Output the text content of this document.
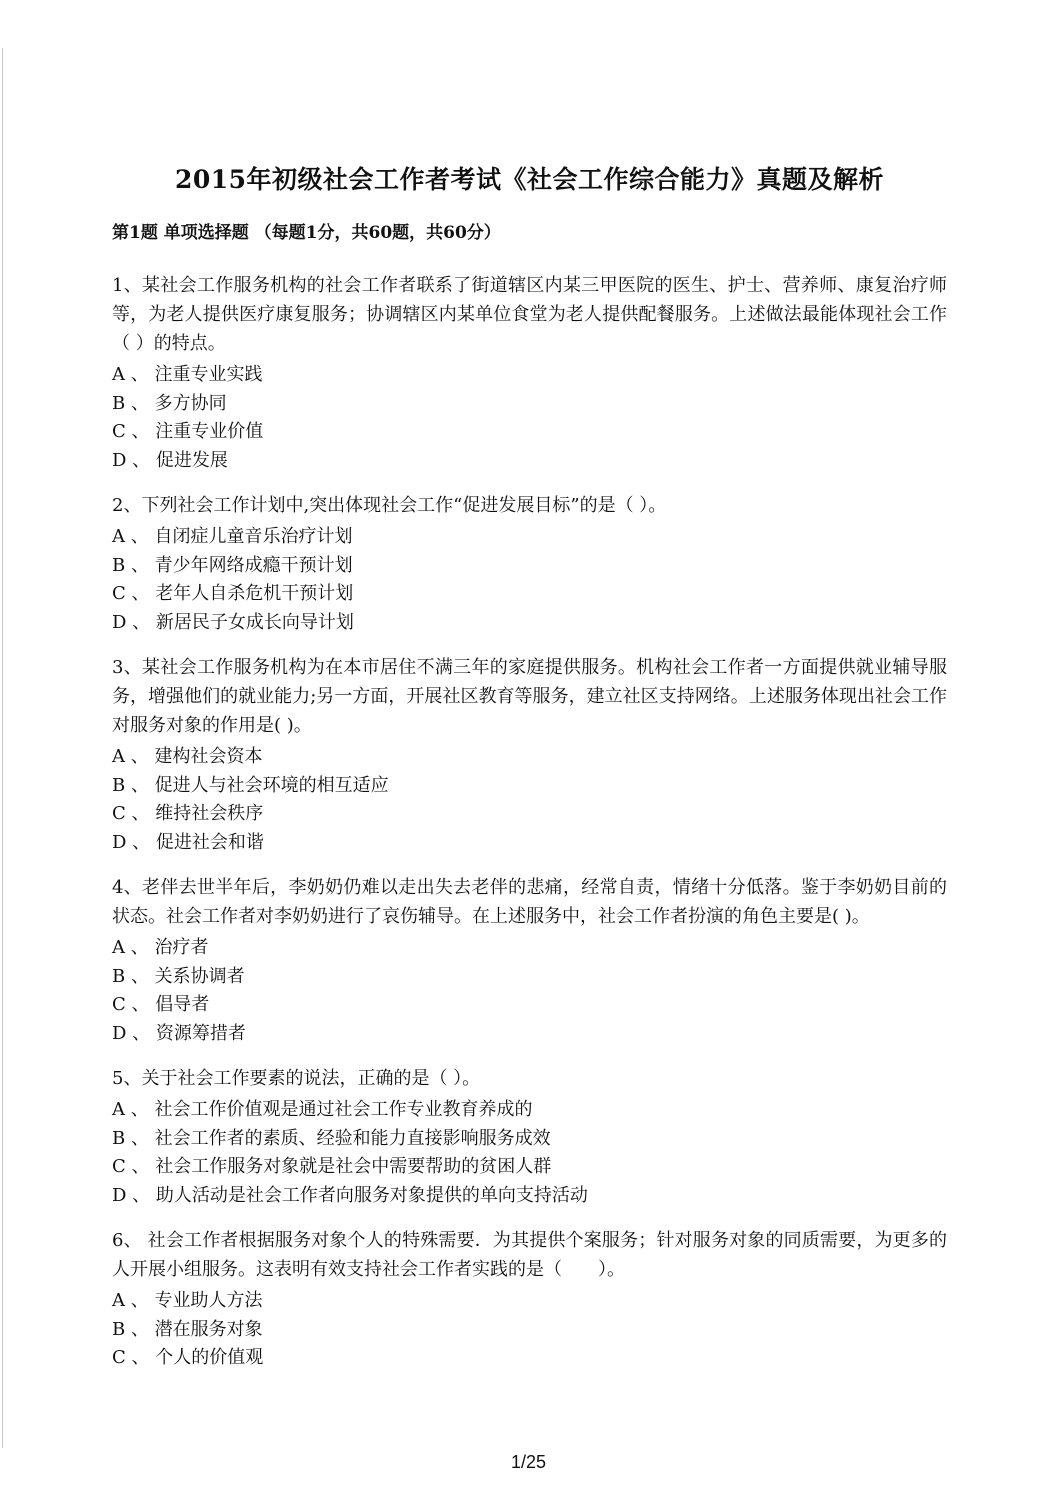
2015年初级社会工作者考试《社会工作综合能力》真题及解析
第1题 单项选择题 （每题1分，共60题，共60分）
1、某社会工作服务机构的社会工作者联系了街道辖区内某三甲医院的医生、护士、营养师、康复治疗师等，为老人提供医疗康复服务；协调辖区内某单位食堂为老人提供配餐服务。上述做法最能体现社会工作（ ）的特点。
A 、 注重专业实践
B 、 多方协同
C 、 注重专业价值
D 、 促进发展
2、下列社会工作计划中,突出体现社会工作“促进发展目标”的是（ ）。
A 、 自闭症儿童音乐治疗计划
B 、 青少年网络成瘾干预计划
C 、 老年人自杀危机干预计划
D 、 新居民子女成长向导计划
3、某社会工作服务机构为在本市居住不满三年的家庭提供服务。机构社会工作者一方面提供就业辅导服务，增强他们的就业能力;另一方面，开展社区教育等服务，建立社区支持网络。上述服务体现出社会工作对服务对象的作用是( )。
A 、 建构社会资本
B 、 促进人与社会环境的相互适应
C 、 维持社会秩序
D 、 促进社会和谐
4、老伴去世半年后，李奶奶仍难以走出失去老伴的悲痛，经常自责，情绪十分低落。鉴于李奶奶目前的状态。社会工作者对李奶奶进行了哀伤辅导。在上述服务中，社会工作者扮演的角色主要是( )。
A 、 治疗者
B 、 关系协调者
C 、 倡导者
D 、 资源筹措者
5、关于社会工作要素的说法，正确的是（ ）。
A 、 社会工作价值观是通过社会工作专业教育养成的
B 、 社会工作者的素质、经验和能力直接影响服务成效
C 、 社会工作服务对象就是社会中需要帮助的贫困人群
D 、 助人活动是社会工作者向服务对象提供的单向支持活动
6、 社会工作者根据服务对象个人的特殊需要．为其提供个案服务；针对服务对象的同质需要，为更多的人开展小组服务。这表明有效支持社会工作者实践的是（　　）。
A 、 专业助人方法
B 、 潜在服务对象
C 、 个人的价值观
1/25
